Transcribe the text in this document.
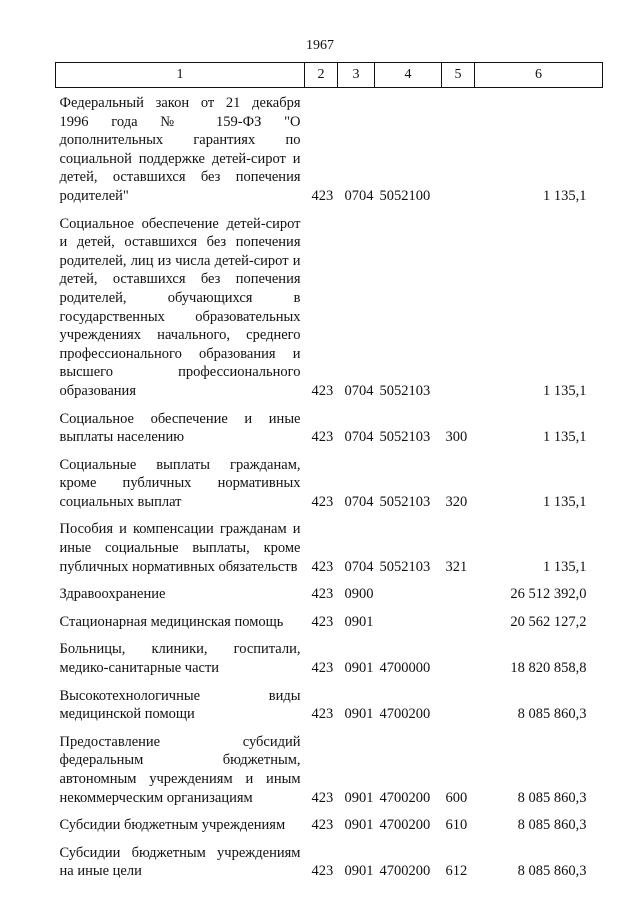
1967
1	2	3	4	5	6
Федеральный закон от 21 декабря 1996 года № 159-ФЗ "О дополнительных гарантиях по социальной поддержке детей-сирот и детей, оставшихся без попечения родителей"	423	0704	5052100		1 135,1
Социальное обеспечение детей-сирот и детей, оставшихся без попечения родителей, лиц из числа детей-сирот и детей, оставшихся без попечения родителей, обучающихся в государственных образовательных учреждениях начального, среднего профессионального образования и высшего профессионального образования	423	0704	5052103		1 135,1
Социальное обеспечение и иные выплаты населению	423	0704	5052103	300	1 135,1
Социальные выплаты гражданам, кроме публичных нормативных социальных выплат	423	0704	5052103	320	1 135,1
Пособия и компенсации гражданам и иные социальные выплаты, кроме публичных нормативных обязательств	423	0704	5052103	321	1 135,1
Здравоохранение	423	0900			26 512 392,0
Стационарная медицинская помощь	423	0901			20 562 127,2
Больницы, клиники, госпитали, медико-санитарные части	423	0901	4700000		18 820 858,8
Высокотехнологичные виды медицинской помощи	423	0901	4700200		8 085 860,3
Предоставление субсидий федеральным бюджетным, автономным учреждениям и иным некоммерческим организациям	423	0901	4700200	600	8 085 860,3
Субсидии бюджетным учреждениям	423	0901	4700200	610	8 085 860,3
Субсидии бюджетным учреждениям на иные цели	423	0901	4700200	612	8 085 860,3
